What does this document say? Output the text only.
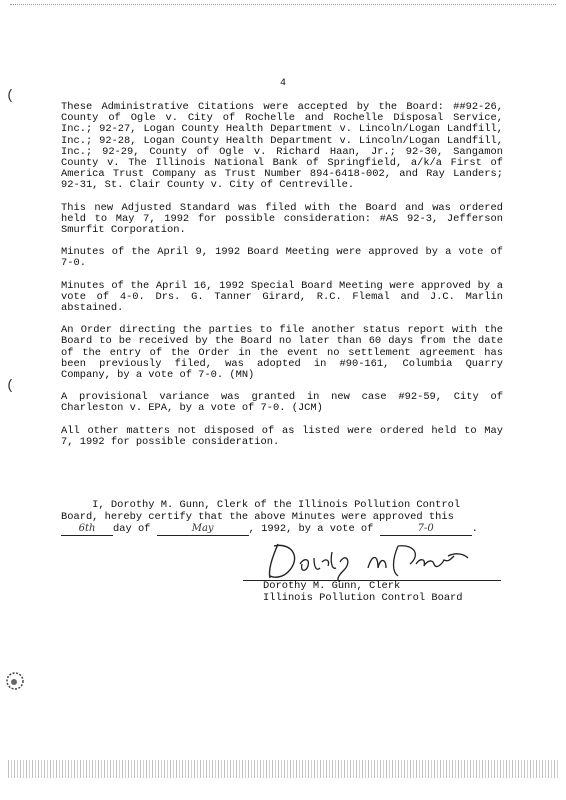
4
(
(

These Administrative Citations were accepted by the Board: ##92-26, County of Ogle v. City of Rochelle and Rochelle Disposal Service, Inc.; 92-27, Logan County Health Department v. Lincoln/Logan Landfill, Inc.; 92-28, Logan County Health Department v. Lincoln/Logan Landfill, Inc.; 92-29, County of Ogle v. Richard Haan, Jr.; 92-30, Sangamon County v. The Illinois National Bank of Springfield, a/k/a First of America Trust Company as Trust Number 894-6418-002, and Ray Landers; 92-31, St. Clair County v. City of Centreville.

This new Adjusted Standard was filed with the Board and was ordered held to May 7, 1992 for possible consideration: #AS 92-3, Jefferson Smurfit Corporation.

Minutes of the April 9, 1992 Board Meeting were approved by a vote of 7-0.

Minutes of the April 16, 1992 Special Board Meeting were approved by a vote of 4-0. Drs. G. Tanner Girard, R.C. Flemal and J.C. Marlin abstained.

An Order directing the parties to file another status report with the Board to be received by the Board no later than 60 days from the date of the entry of the Order in the event no settlement agreement has been previously filed, was adopted in #90-161, Columbia Quarry Company, by a vote of 7-0. (MN)

A provisional variance was granted in new case #92-59, City of Charleston v. EPA, by a vote of 7-0. (JCM)

All other matters not disposed of as listed were ordered held to May 7, 1992 for possible consideration.

I, Dorothy M. Gunn, Clerk of the Illinois Pollution Control
Board, hereby certify that the above Minutes were approved this
6th day of	May	, 1992, by a vote of	7-0	.
Dorothy M. Gunn, Clerk
Illinois Pollution Control Board
